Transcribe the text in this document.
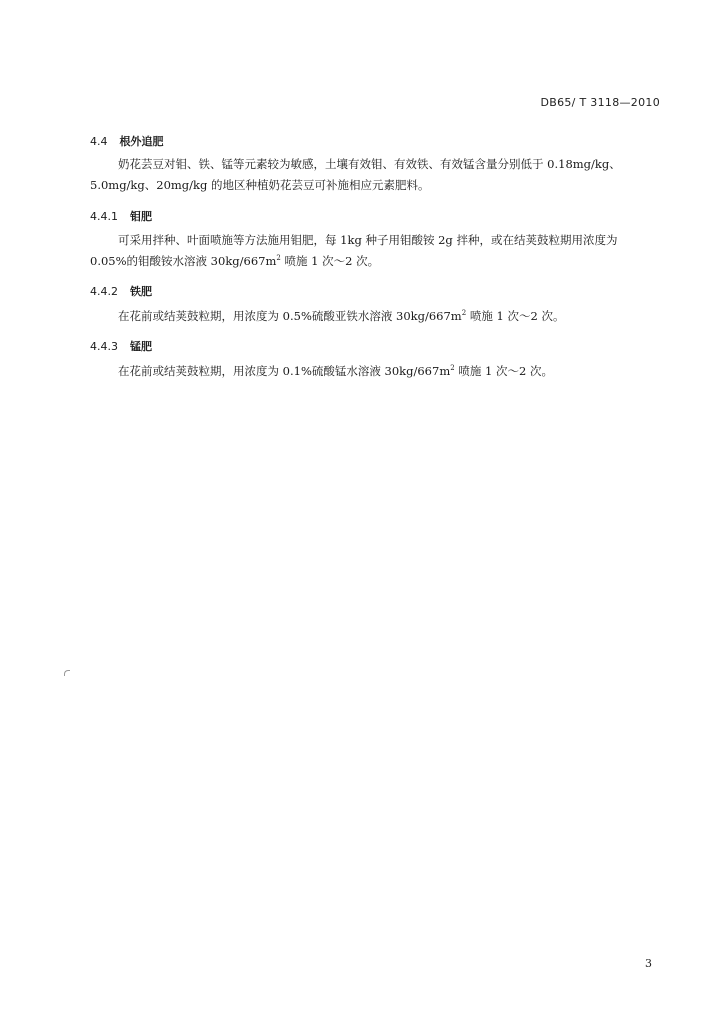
DB65/ T 3118—2010
4.4 根外追肥
奶花芸豆对钼、铁、锰等元素较为敏感，土壤有效钼、有效铁、有效锰含量分别低于 0.18mg/kg、
5.0mg/kg、20mg/kg 的地区种植奶花芸豆可补施相应元素肥料。
4.4.1 钼肥
可采用拌种、叶面喷施等方法施用钼肥，每 1kg 种子用钼酸铵 2g 拌种，或在结荚鼓粒期用浓度为
0.05%的钼酸铵水溶液 $30kg/667m^2$ 喷施 1 次～2 次。
4.4.2 铁肥
在花前或结荚鼓粒期，用浓度为 0.5%硫酸亚铁水溶液 $30kg/667m^2$ 喷施 1 次～2 次。
4.4.3 锰肥
在花前或结荚鼓粒期，用浓度为 0.1%硫酸锰水溶液 $30kg/667m^2$ 喷施 1 次～2 次。
3
